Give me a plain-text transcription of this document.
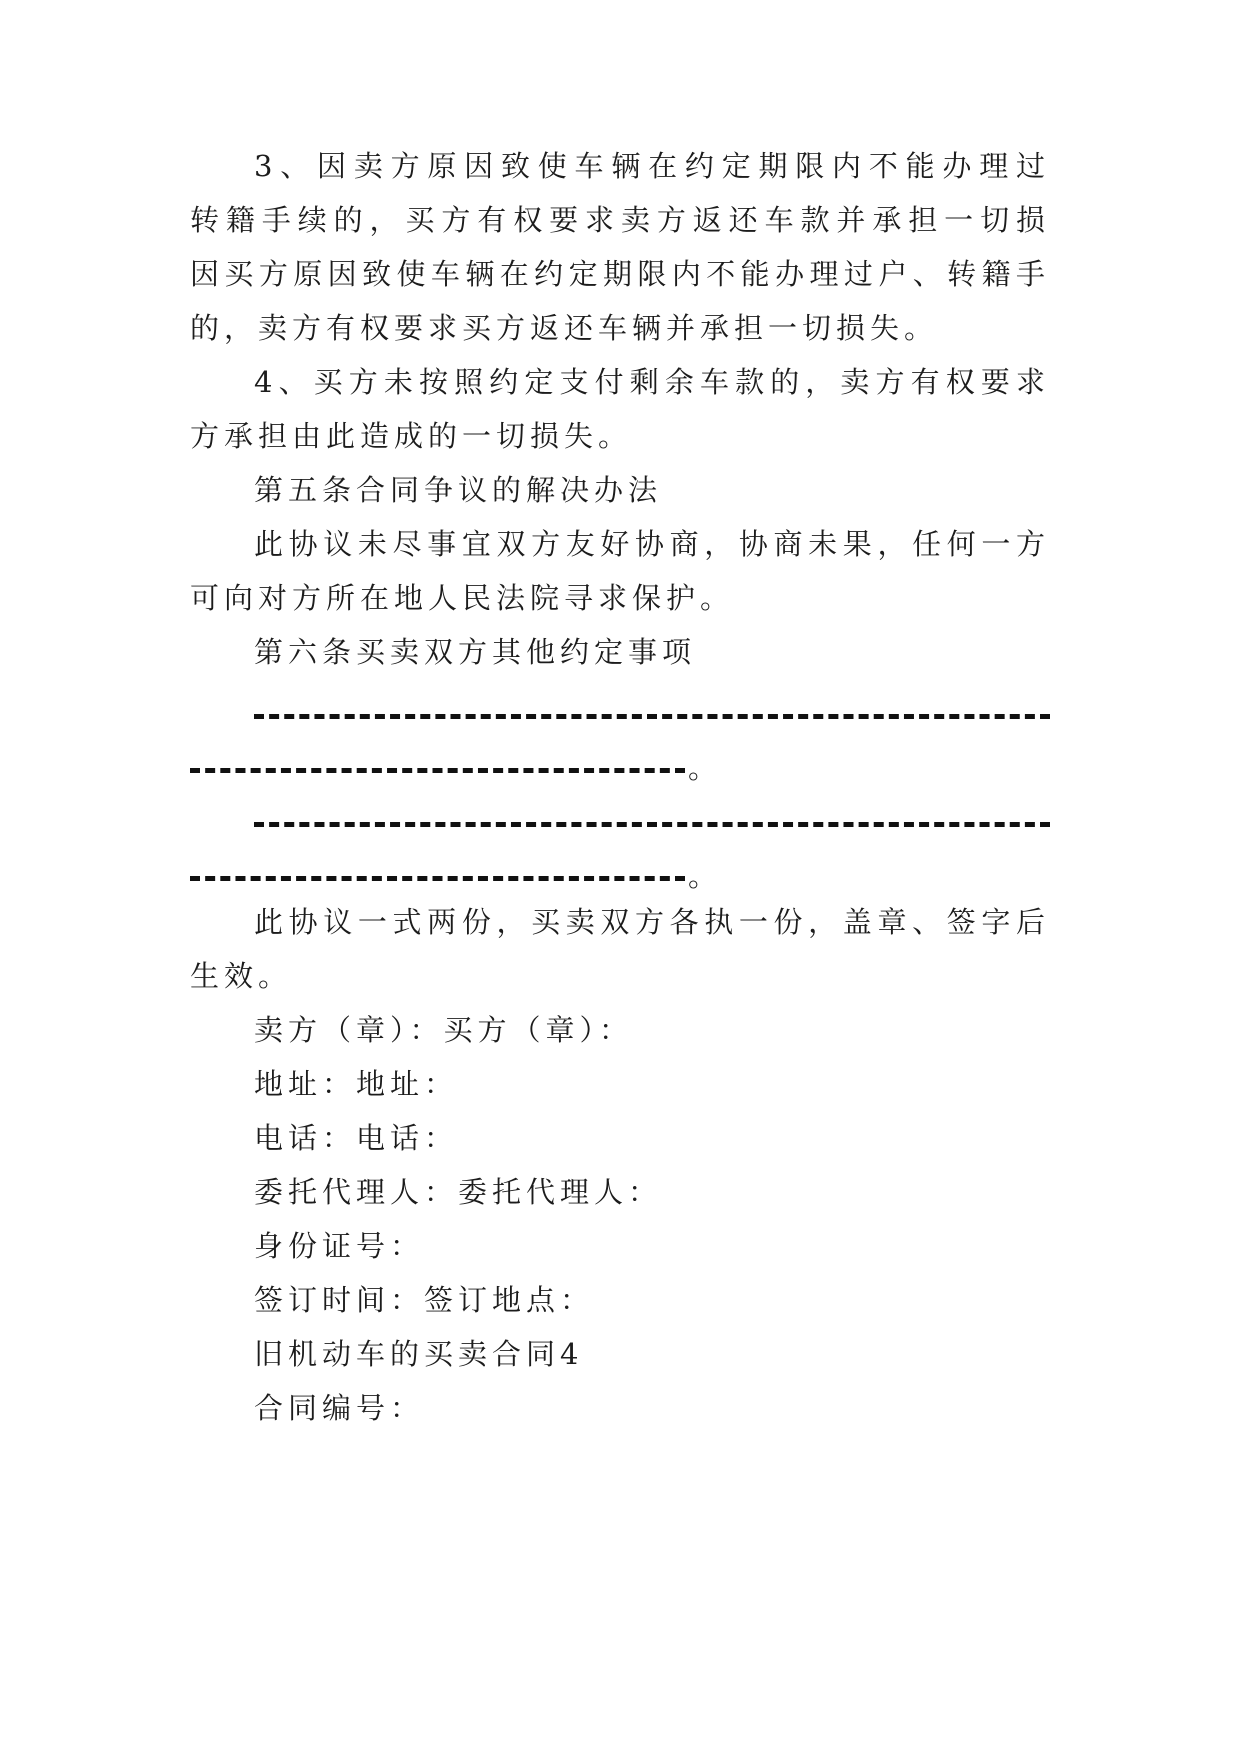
3、因卖方原因致使车辆在约定期限内不能办理过
转籍手续的，买方有权要求卖方返还车款并承担一切损
因买方原因致使车辆在约定期限内不能办理过户、转籍手
的，卖方有权要求买方返还车辆并承担一切损失。
4、买方未按照约定支付剩余车款的，卖方有权要求
方承担由此造成的一切损失。
第五条合同争议的解决办法
此协议未尽事宜双方友好协商，协商未果，任何一方
可向对方所在地人民法院寻求保护。
第六条买卖双方其他约定事项
。
。
此协议一式两份，买卖双方各执一份，盖章、签字后
生效。
卖方（章）：买方（章）：
地址：地址：
电话：电话：
委托代理人：委托代理人：
身份证号：
签订时间：签订地点：
旧机动车的买卖合同4
合同编号：
